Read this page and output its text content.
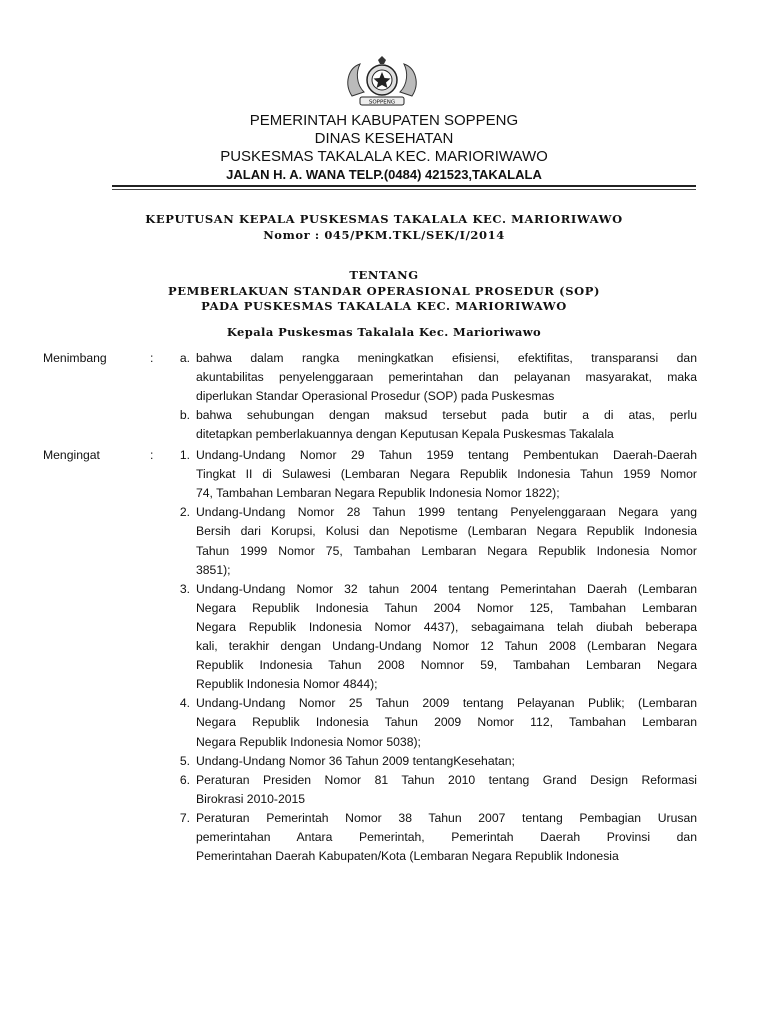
SOPPENG
PEMERINTAH KABUPATEN SOPPENG
DINAS KESEHATAN
PUSKESMAS TAKALALA KEC. MARIORIWAWO
JALAN H. A. WANA TELP.(0484) 421523,TAKALALA
KEPUTUSAN KEPALA PUSKESMAS TAKALALA KEC. MARIORIWAWO
Nomor : 045/PKM.TKL/SEK/I/2014
TENTANG
PEMBERLAKUAN STANDAR OPERASIONAL PROSEDUR (SOP)
PADA PUSKESMAS TAKALALA KEC. MARIORIWAWO
Kepala Puskesmas Takalala Kec. Marioriwawo
Menimbang	:	a. bahwa dalam rangka meningkatkan efisiensi, efektifitas, transparansi dan
akuntabilitas penyelenggaraan pemerintahan dan pelayanan masyarakat, maka
diperlukan Standar Operasional Prosedur (SOP) pada Puskesmas
b. bahwa sehubungan dengan maksud tersebut pada butir a di atas, perlu
ditetapkan pemberlakuannya dengan Keputusan Kepala Puskesmas Takalala
Mengingat	:	1. Undang-Undang Nomor 29 Tahun 1959 tentang Pembentukan Daerah-Daerah
Tingkat II di Sulawesi (Lembaran Negara Republik Indonesia Tahun 1959 Nomor
74, Tambahan Lembaran Negara Republik Indonesia Nomor 1822);
2. Undang-Undang Nomor 28 Tahun 1999 tentang Penyelenggaraan Negara yang
Bersih dari Korupsi, Kolusi dan Nepotisme (Lembaran Negara Republik Indonesia
Tahun 1999 Nomor 75, Tambahan Lembaran Negara Republik Indonesia Nomor
3851);
3. Undang-Undang Nomor 32 tahun 2004 tentang Pemerintahan Daerah (Lembaran
Negara Republik Indonesia Tahun 2004 Nomor 125, Tambahan Lembaran
Negara Republik Indonesia Nomor 4437), sebagaimana telah diubah beberapa
kali, terakhir dengan Undang-Undang Nomor 12 Tahun 2008 (Lembaran Negara
Republik Indonesia Tahun 2008 Nomnor 59, Tambahan Lembaran Negara
Republik Indonesia Nomor 4844);
4. Undang-Undang Nomor 25 Tahun 2009 tentang Pelayanan Publik; (Lembaran
Negara Republik Indonesia Tahun 2009 Nomor 112, Tambahan Lembaran
Negara Republik Indonesia Nomor 5038);
5. Undang-Undang Nomor 36 Tahun 2009 tentangKesehatan;
6. Peraturan Presiden Nomor 81 Tahun 2010 tentang Grand Design Reformasi
Birokrasi 2010-2015
7. Peraturan Pemerintah Nomor 38 Tahun 2007 tentang Pembagian Urusan
pemerintahan Antara Pemerintah, Pemerintah Daerah Provinsi dan
Pemerintahan Daerah Kabupaten/Kota (Lembaran Negara Republik Indonesia
